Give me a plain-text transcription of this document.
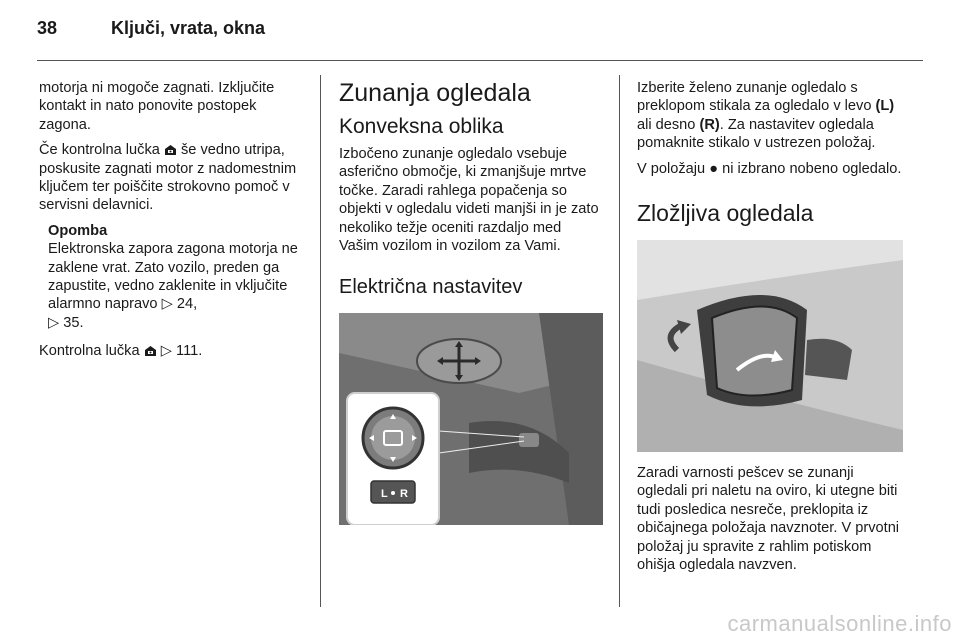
38	Ključi, vrata, okna

motorja ni mogoče zagnati. Izključite kontakt in nato ponovite postopek zagona.

Če kontrolna lučka še vedno utripa, poskusite zagnati motor z nadomestnim ključem ter poiščite strokovno pomoč v servisni delavnici.

Opomba
Elektronska zapora zagona motorja ne zaklene vrat. Zato vozilo, preden ga zapustite, vedno zaklenite in vključite alarmno napravo ▷ 24,
▷ 35.

Kontrolna lučka ▷ 111.

Zunanja ogledala
Konveksna oblika

Izbočeno zunanje ogledalo vsebuje asferično območje, ki zmanjšuje mrtve točke. Zaradi rahlega popačenja so objekti v ogledalu videti manjši in je zato nekoliko težje oceniti razdaljo med Vašim vozilom in vozilom za Vami.

Električna nastavitev
L R

Izberite želeno zunanje ogledalo s preklopom stikala za ogledalo v levo (L) ali desno (R). Za nastavitev ogledala pomaknite stikalo v ustrezen položaj.

V položaju ● ni izbrano nobeno ogledalo.

Zložljiva ogledala

Zaradi varnosti pešcev se zunanji ogledali pri naletu na oviro, ki utegne biti tudi posledica nesreče, preklopita iz običajnega položaja navznoter. V prvotni položaj ju spravite z rahlim potiskom ohišja ogledala navzven.

carmanualsonline.info
